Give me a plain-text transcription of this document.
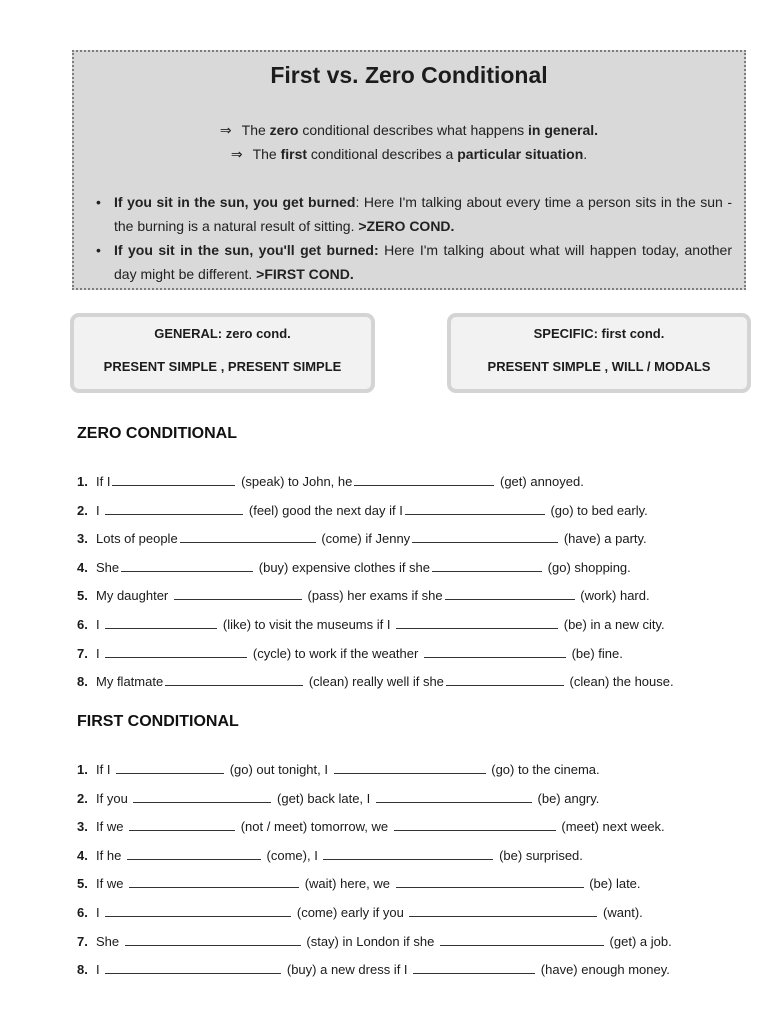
First vs. Zero Conditional
⇒ The zero conditional describes what happens in general.
⇒ The first conditional describes a particular situation.
• If you sit in the sun, you get burned: Here I'm talking about every time a person sits in the sun - the burning is a natural result of sitting. >ZERO COND.
• If you sit in the sun, you'll get burned: Here I'm talking about what will happen today, another day might be different. >FIRST COND.
GENERAL: zero cond.
PRESENT SIMPLE , PRESENT SIMPLE
SPECIFIC: first cond.
PRESENT SIMPLE , WILL / MODALS
ZERO CONDITIONAL
1. If I	(speak) to John, he	(get) annoyed.
2. I	(feel) good the next day if I	(go) to bed early.
3. Lots of people	(come) if Jenny	(have) a party.
4. She	(buy) expensive clothes if she	(go) shopping.
5. My daughter	(pass) her exams if she	(work) hard.
6. I	(like) to visit the museums if I	(be) in a new city.
7. I	(cycle) to work if the weather	(be) fine.
8. My flatmate	(clean) really well if she	(clean) the house.
FIRST CONDITIONAL
1. If I	(go) out tonight, I	(go) to the cinema.
2. If you	(get) back late, I	(be) angry.
3. If we	(not / meet) tomorrow, we	(meet) next week.
4. If he	(come), I	(be) surprised.
5. If we	(wait) here, we	(be) late.
6. I	(come) early if you	(want).
7. She	(stay) in London if she	(get) a job.
8. I	(buy) a new dress if I	(have) enough money.
